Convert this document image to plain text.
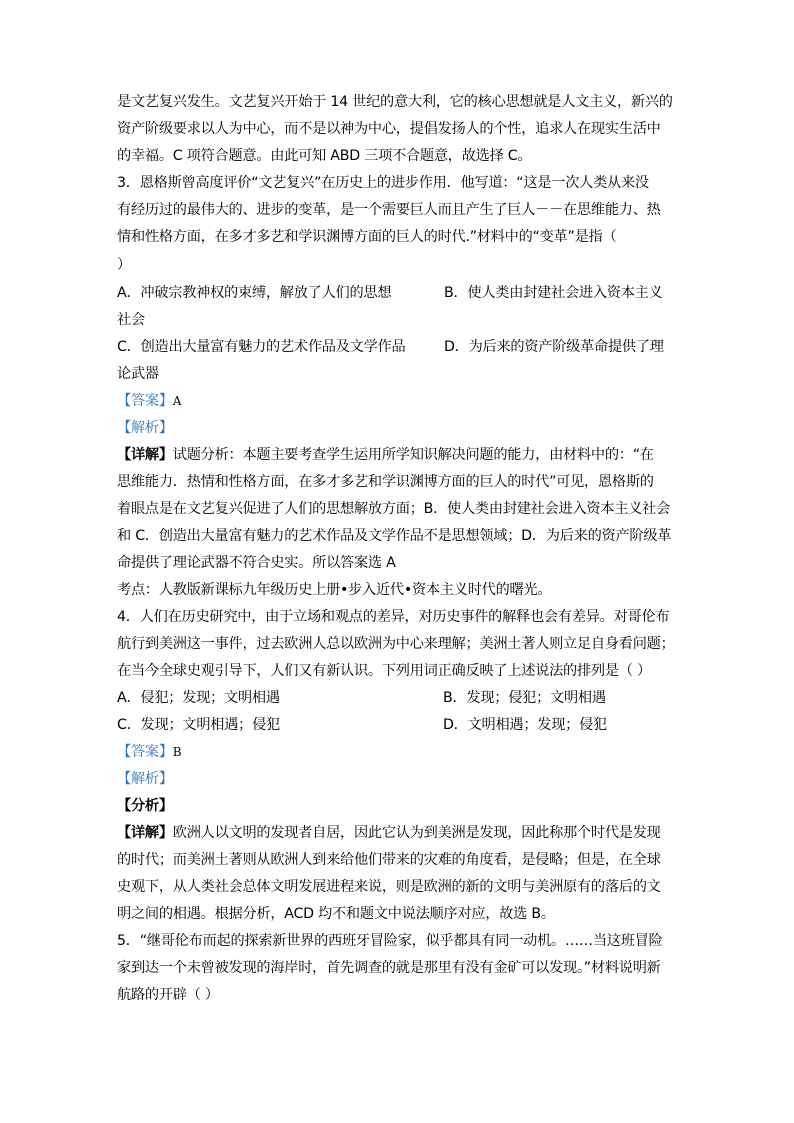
是文艺复兴发生。文艺复兴开始于 14 世纪的意大利，它的核心思想就是人文主义，新兴的
资产阶级要求以人为中心，而不是以神为中心，提倡发扬人的个性，追求人在现实生活中
的幸福。C 项符合题意。由此可知 ABD 三项不合题意，故选择 C。
3．恩格斯曾高度评价“文艺复兴”在历史上的进步作用．他写道：“这是一次人类从来没
有经历过的最伟大的、进步的变革，是一个需要巨人而且产生了巨人－－在思维能力、热
情和性格方面，在多才多艺和学识渊博方面的巨人的时代.”材料中的“变革”是指（
）
A．冲破宗教神权的束缚，解放了人们的思想	B．使人类由封建社会进入资本主义
社会
C．创造出大量富有魅力的艺术作品及文学作品	D．为后来的资产阶级革命提供了理
论武器
【答案】A
【解析】
【详解】试题分析：本题主要考查学生运用所学知识解决问题的能力，由材料中的：“在
思维能力．热情和性格方面，在多才多艺和学识渊博方面的巨人的时代”可见，恩格斯的
着眼点是在文艺复兴促进了人们的思想解放方面；B．使人类由封建社会进入资本主义社会
和 C．创造出大量富有魅力的艺术作品及文学作品不是思想领域；D．为后来的资产阶级革
命提供了理论武器不符合史实。所以答案选 A
考点：人教版新课标九年级历史上册•步入近代•资本主义时代的曙光。
4．人们在历史研究中，由于立场和观点的差异，对历史事件的解释也会有差异。对哥伦布
航行到美洲这一事件，过去欧洲人总以欧洲为中心来理解；美洲土著人则立足自身看问题；
在当今全球史观引导下，人们又有新认识。下列用词正确反映了上述说法的排列是（ ）
A．侵犯；发现；文明相遇	B．发现；侵犯；文明相遇
C．发现；文明相遇；侵犯	D．文明相遇；发现；侵犯
【答案】B
【解析】
【分析】
【详解】欧洲人以文明的发现者自居，因此它认为到美洲是发现，因此称那个时代是发现
的时代；而美洲土著则从欧洲人到来给他们带来的灾难的角度看，是侵略；但是，在全球
史观下，从人类社会总体文明发展进程来说，则是欧洲的新的文明与美洲原有的落后的文
明之间的相遇。根据分析，ACD 均不和题文中说法顺序对应，故选 B。
5．“继哥伦布而起的探索新世界的西班牙冒险家，似乎都具有同一动机。……当这班冒险
家到达一个未曾被发现的海岸时，首先调查的就是那里有没有金矿可以发现。”材料说明新
航路的开辟（ ）
